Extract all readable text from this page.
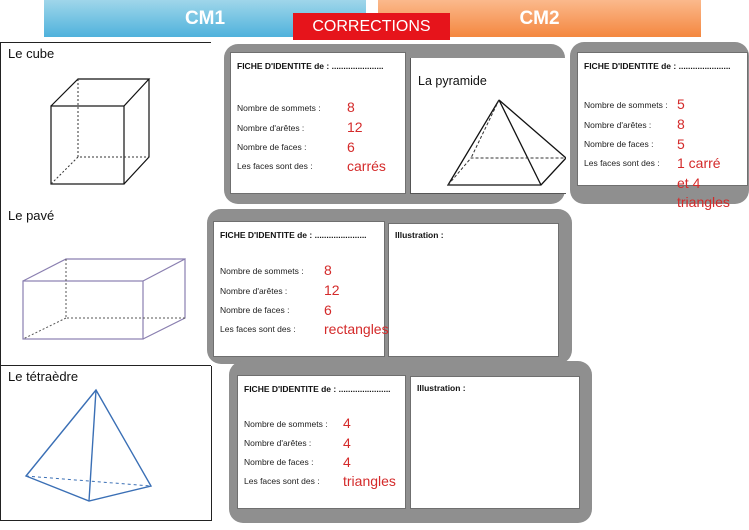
CM1	CM2
CORRECTIONS
Le cube
Le pavé
Le tétraèdre
FICHE D'IDENTITE de : ......................
Nombre de sommets :
Nombre d'arêtes :
Nombre de faces :
Les faces sont des :
8
12
6
carrés
La pyramide
FICHE D'IDENTITE de : ......................
Nombre de sommets :
Nombre d'arêtes :
Nombre de faces :
Les faces sont des :
5
8
5
1 carré
et 4
triangles
FICHE D'IDENTITE de : ......................
Nombre de sommets :
Nombre d'arêtes :
Nombre de faces :
Les faces sont des :
Illustration :
8
12
6
rectangles
FICHE D'IDENTITE de : ......................
Nombre de sommets :
Nombre d'arêtes :
Nombre de faces :
Les faces sont des :
Illustration :
4
4
4
triangles
